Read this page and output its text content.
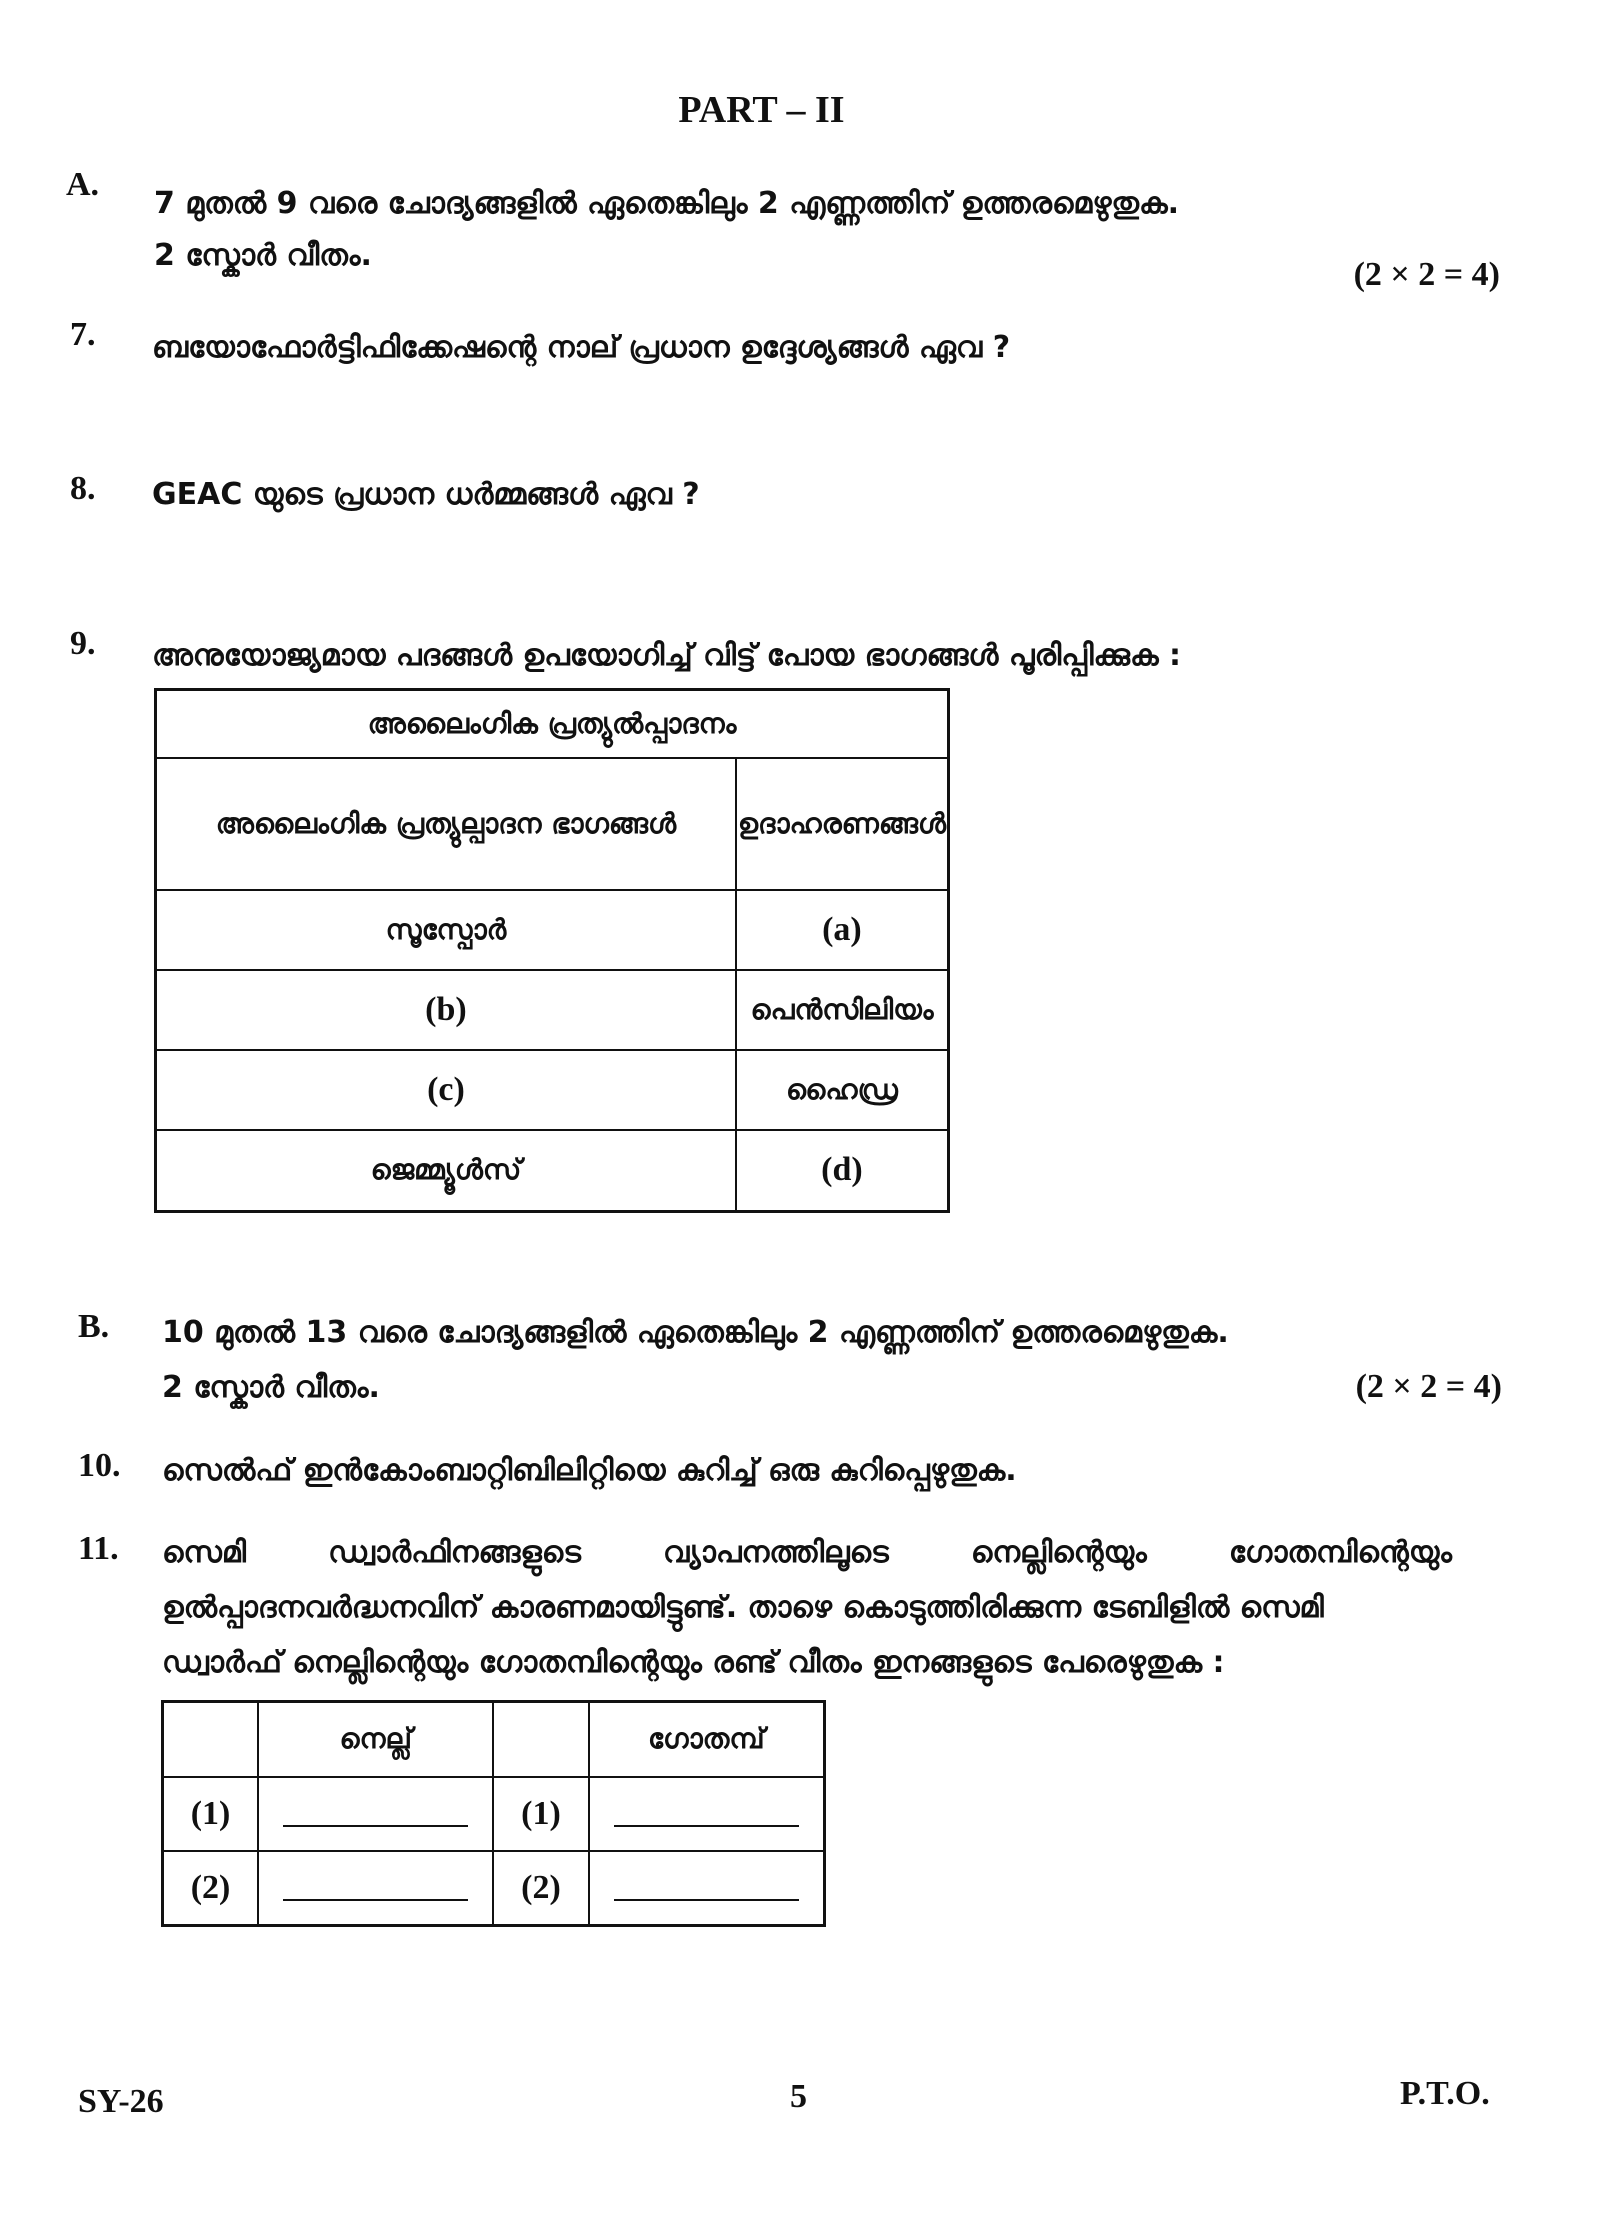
PART – II
A.
7 മുതൽ 9 വരെ ചോദ്യങ്ങളിൽ ഏതെങ്കിലും 2 എണ്ണത്തിന് ഉത്തരമെഴുതുക.
2 സ്കോർ വീതം.
(2 × 2 = 4)
7. ബയോഫോർട്ടിഫിക്കേഷന്റെ നാല് പ്രധാന ഉദ്ദേശ്യങ്ങൾ ഏവ ?
8. GEAC യുടെ പ്രധാന ധർമ്മങ്ങൾ ഏവ ?
9. അനുയോജ്യമായ പദങ്ങൾ ഉപയോഗിച്ച് വിട്ട് പോയ ഭാഗങ്ങൾ പൂരിപ്പിക്കുക :
അലൈംഗിക പ്രത്യുൽപ്പാദനം	
അലൈംഗിക പ്രത്യുല്പാദന ഭാഗങ്ങൾ	ഉദാഹരണങ്ങൾ
സൂസ്പോർ	(a)
(b)	പെൻസിലിയം
(c)	ഹൈഡ്ര
ജെമ്മ്യൂൾസ്	(d)
B. 10 മുതൽ 13 വരെ ചോദ്യങ്ങളിൽ ഏതെങ്കിലും 2 എണ്ണത്തിന് ഉത്തരമെഴുതുക.
2 സ്കോർ വീതം.	(2 × 2 = 4)
10. സെൽഫ് ഇൻകോംബാറ്റിബിലിറ്റിയെ കുറിച്ച് ഒരു കുറിപ്പെഴുതുക.
11. സെമി	ഡ്വാർഫിനങ്ങളുടെ	വ്യാപനത്തിലൂടെ	നെല്ലിന്റെയും	ഗോതമ്പിന്റെയും
ഉൽപ്പാദനവർദ്ധനവിന് കാരണമായിട്ടുണ്ട്. താഴെ കൊടുത്തിരിക്കുന്ന ടേബിളിൽ സെമി
ഡ്വാർഫ് നെല്ലിന്റെയും ഗോതമ്പിന്റെയും രണ്ട് വീതം ഇനങ്ങളുടെ പേരെഴുതുക :
	നെല്ല്		ഗോതമ്പ്
(1)		(1)	
(2)		(2)	
SY-26	5	P.T.O.
